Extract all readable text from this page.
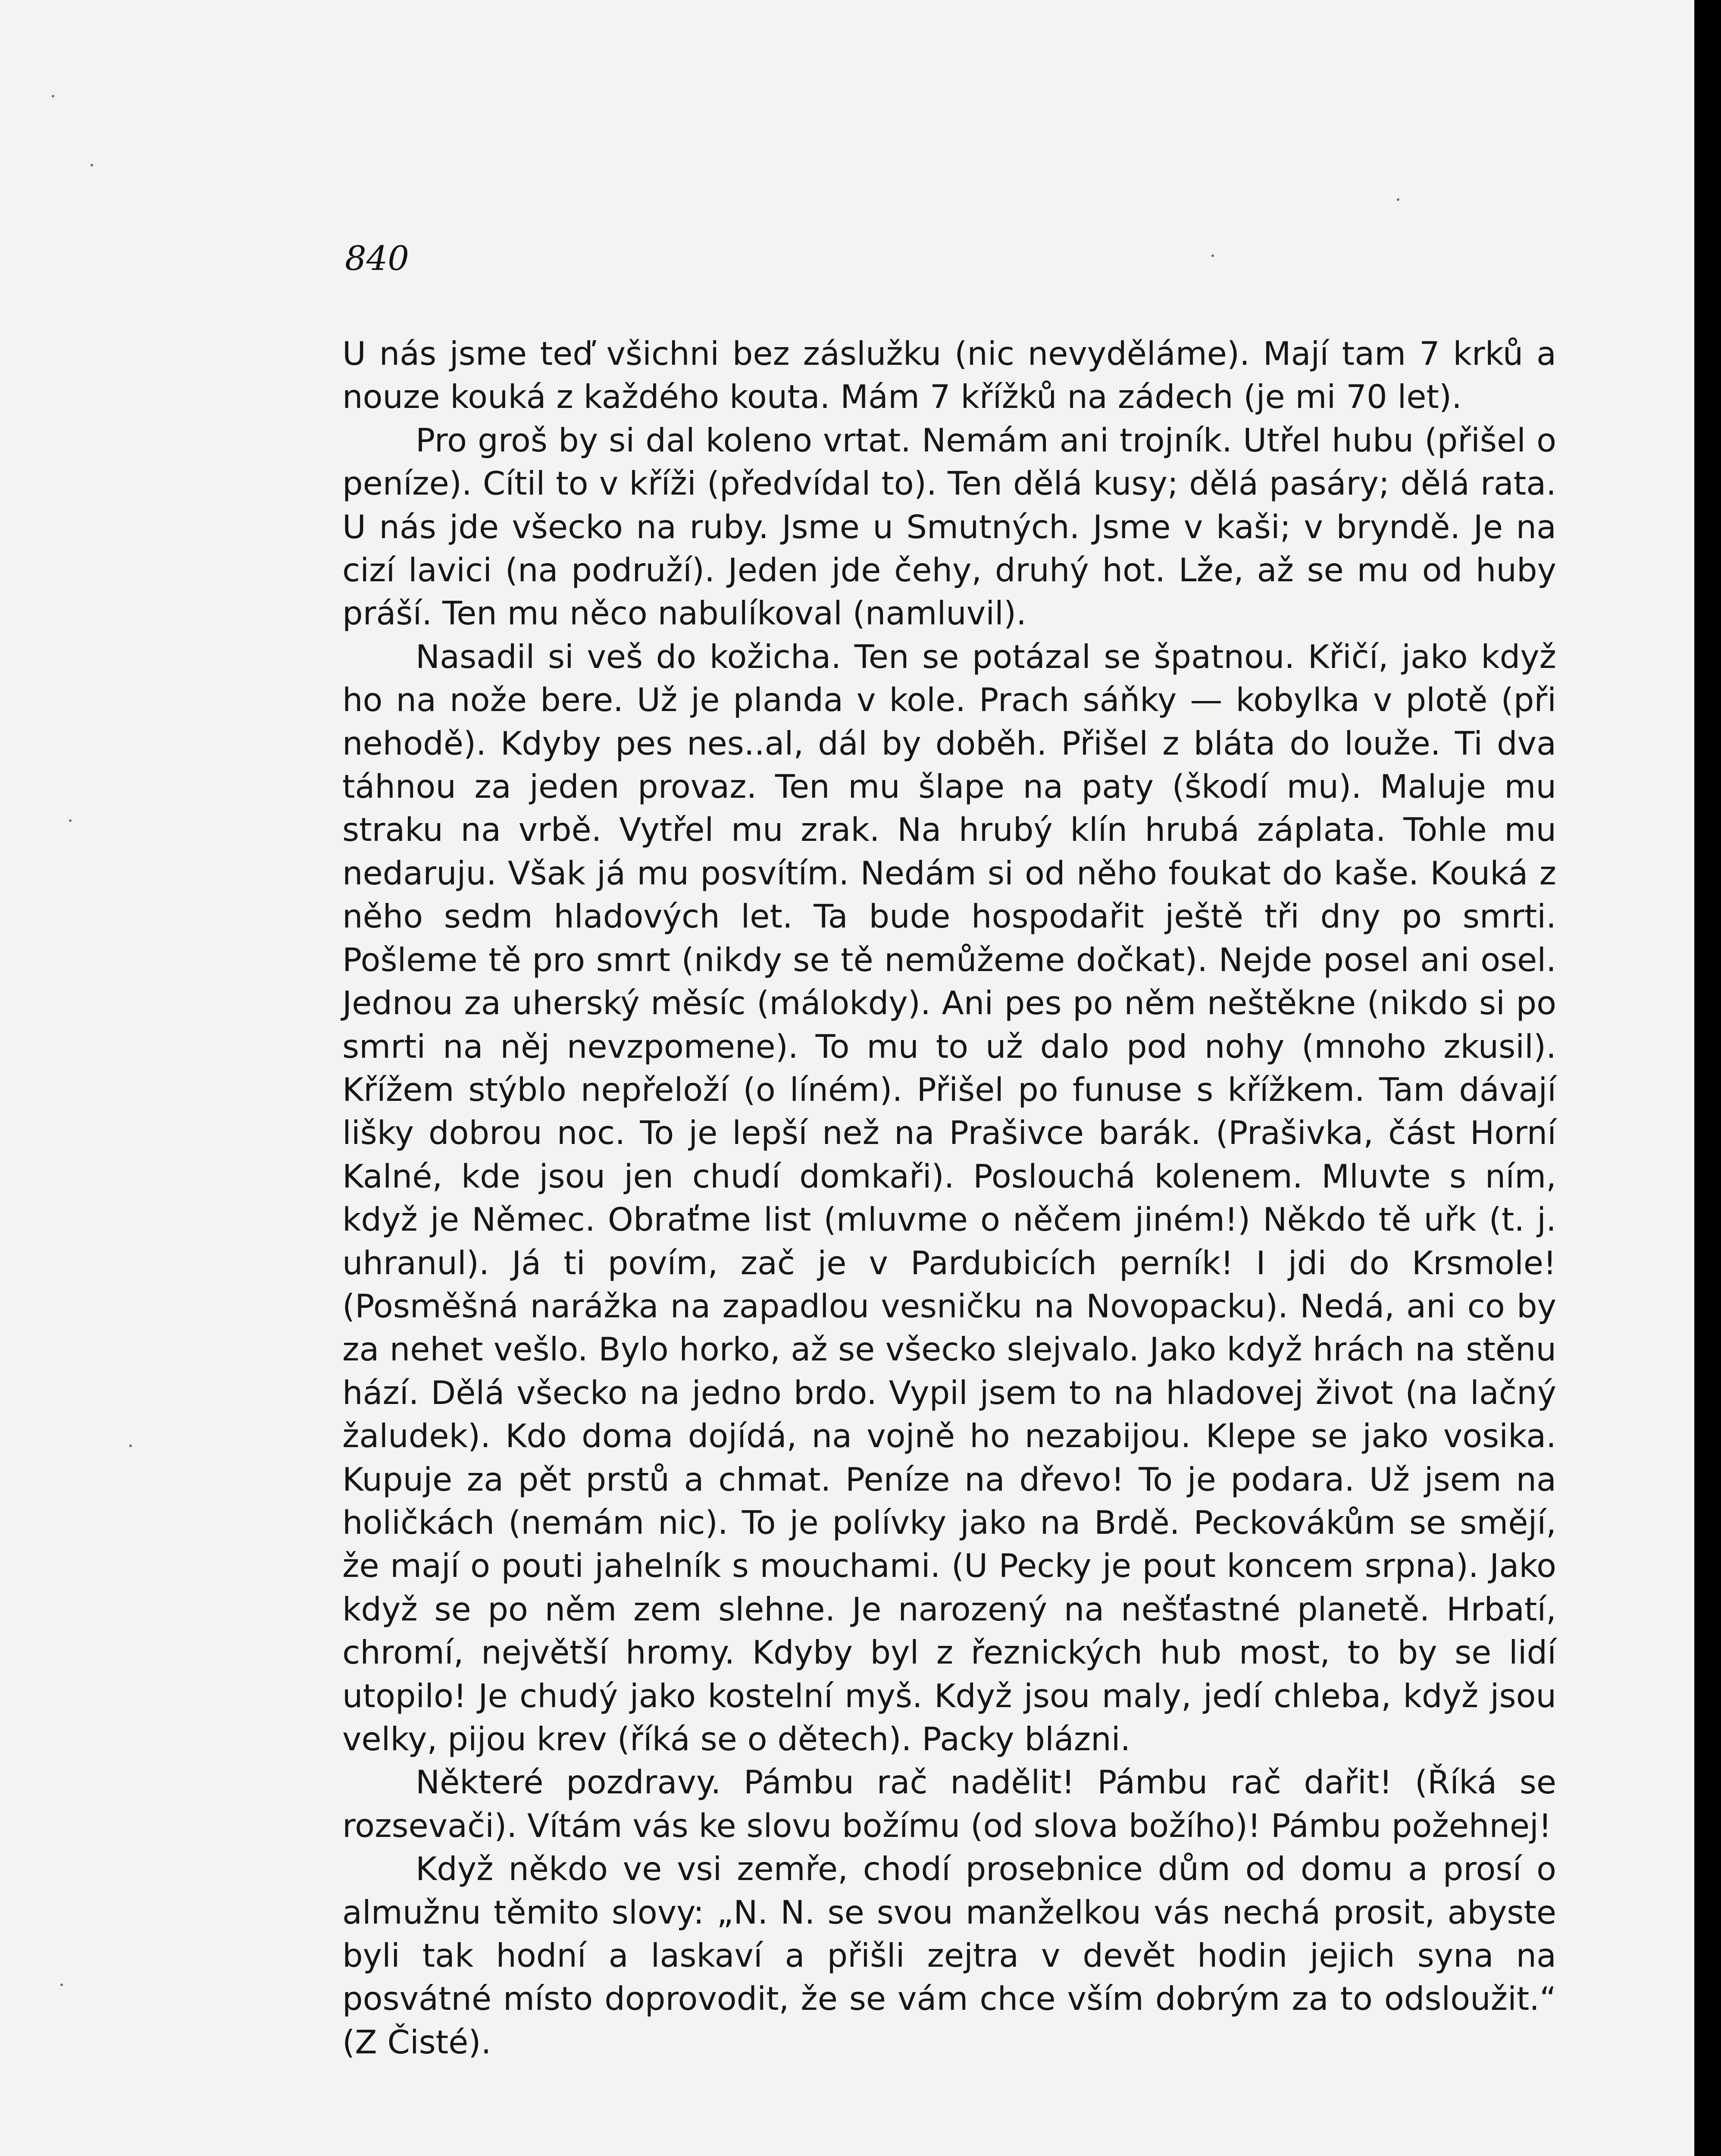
840

U nás jsme teď všichni bez záslužku (nic nevyděláme). Mají tam 7 krků a nouze kouká z každého kouta. Mám 7 křížků na zádech (je mi 70 let).

Pro groš by si dal koleno vrtat. Nemám ani trojník. Utřel hubu (přišel o peníze). Cítil to v kříži (předvídal to). Ten dělá kusy; dělá pasáry; dělá rata. U nás jde všecko na ruby. Jsme u Smutných. Jsme v kaši; v bryndě. Je na cizí lavici (na podruží). Jeden jde čehy, druhý hot. Lže, až se mu od huby práší. Ten mu něco nabulíkoval (namluvil).

Nasadil si veš do kožicha. Ten se potázal se špatnou. Křičí, jako když ho na nože bere. Už je planda v kole. Prach sáňky — kobylka v plotě (při nehodě). Kdyby pes nes..al, dál by doběh. Přišel z bláta do louže. Ti dva táhnou za jeden provaz. Ten mu šlape na paty (škodí mu). Maluje mu straku na vrbě. Vytřel mu zrak. Na hrubý klín hrubá záplata. Tohle mu nedaruju. Však já mu posvítím. Nedám si od něho foukat do kaše. Kouká z něho sedm hladových let. Ta bude hospodařit ještě tři dny po smrti. Pošleme tě pro smrt (nikdy se tě nemůžeme dočkat). Nejde posel ani osel. Jednou za uherský měsíc (málokdy). Ani pes po něm neštěkne (nikdo si po smrti na něj nevzpomene). To mu to už dalo pod nohy (mnoho zkusil). Křížem stýblo nepřeloží (o líném). Přišel po funuse s křížkem. Tam dávají lišky dobrou noc. To je lepší než na Prašivce barák. (Prašivka, část Horní Kalné, kde jsou jen chudí domkaři). Poslouchá kolenem. Mluvte s ním, když je Němec. Obraťme list (mluvme o něčem jiném!) Někdo tě uřk (t. j. uhranul). Já ti povím, zač je v Pardubicích perník! I jdi do Krsmole! (Posměšná narážka na zapadlou vesničku na Novopacku). Nedá, ani co by za nehet vešlo. Bylo horko, až se všecko slejvalo. Jako když hrách na stěnu hází. Dělá všecko na jedno brdo. Vypil jsem to na hladovej život (na lačný žaludek). Kdo doma dojídá, na vojně ho nezabijou. Klepe se jako vosika. Kupuje za pět prstů a chmat. Peníze na dřevo! To je podara. Už jsem na holičkách (nemám nic). To je polívky jako na Brdě. Peckovákům se smějí, že mají o pouti jahelník s mouchami. (U Pecky je pout koncem srpna). Jako když se po něm zem slehne. Je narozený na nešťastné planetě. Hrbatí, chromí, největší hromy. Kdyby byl z řeznických hub most, to by se lidí utopilo! Je chudý jako kostelní myš. Když jsou maly, jedí chleba, když jsou velky, pijou krev (říká se o dětech). Packy blázni.

Některé pozdravy. Pámbu rač nadělit! Pámbu rač dařit! (Říká se rozsevači). Vítám vás ke slovu božímu (od slova božího)! Pámbu požehnej!

Když někdo ve vsi zemře, chodí prosebnice dům od domu a prosí o almužnu těmito slovy: „N. N. se svou manželkou vás nechá prosit, abyste byli tak hodní a laskaví a přišli zejtra v devět hodin jejich syna na posvátné místo doprovodit, že se vám chce vším dobrým za to odsloužit.“ (Z Čisté).
